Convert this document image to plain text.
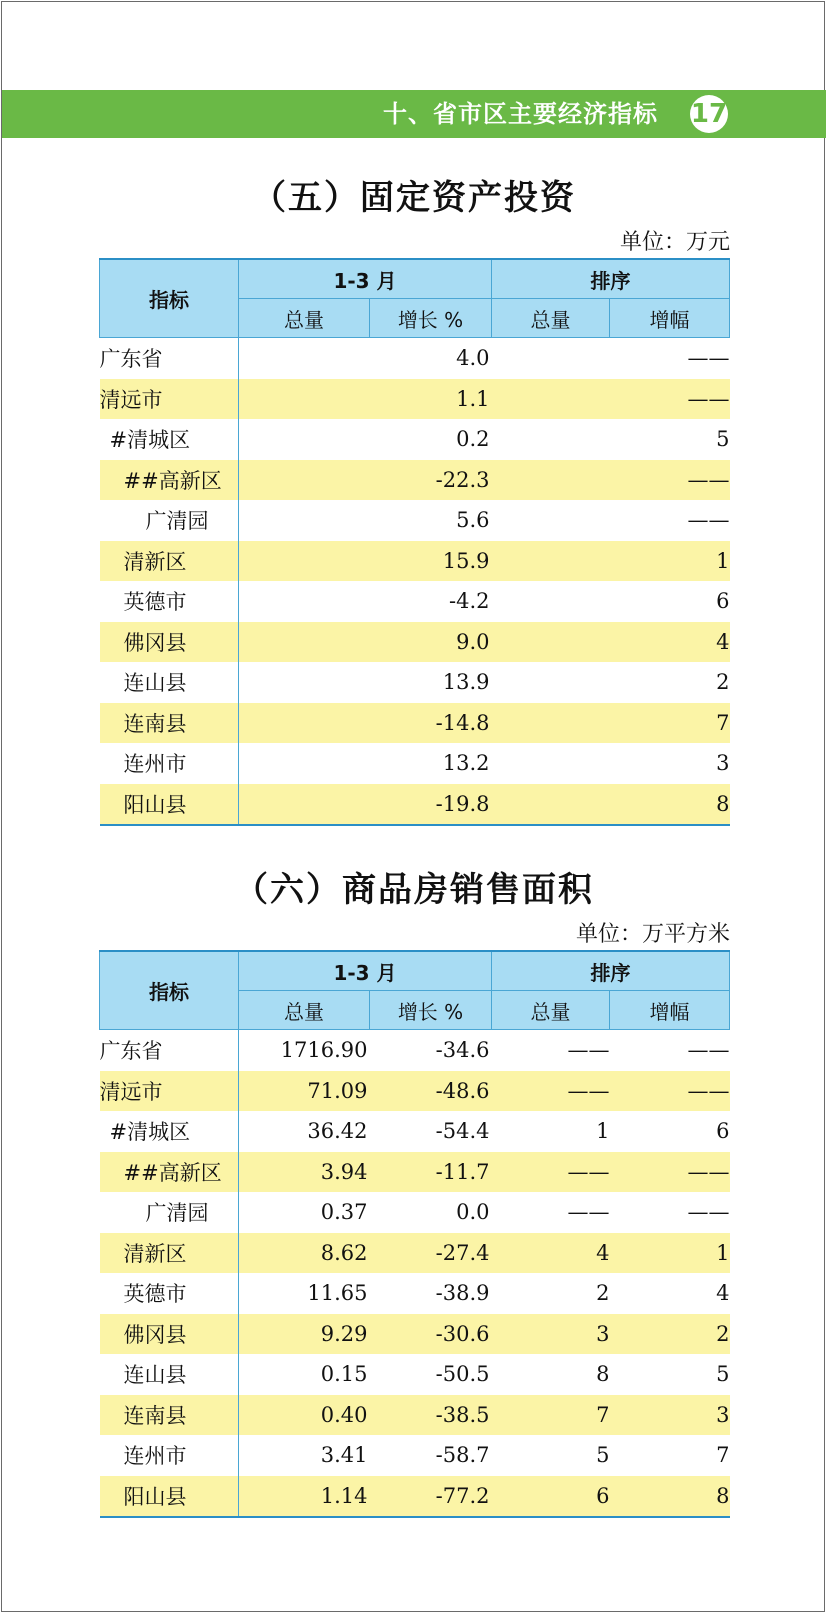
十、省市区主要经济指标 17
（五）固定资产投资
单位：万元
指标	1-3 月		排序	
	总量	增长 %	总量	增幅
广东省		4.0		——
清远市		1.1		——
#清城区		0.2		5
##高新区		-22.3		——
广清园		5.6		——
清新区		15.9		1
英德市		-4.2		6
佛冈县		9.0		4
连山县		13.9		2
连南县		-14.8		7
连州市		13.2		3
阳山县		-19.8		8
（六）商品房销售面积
单位：万平方米
指标	1-3 月		排序	
	总量	增长 %	总量	增幅
广东省	1716.90	-34.6	——	——
清远市	71.09	-48.6	——	——
#清城区	36.42	-54.4	1	6
##高新区	3.94	-11.7	——	——
广清园	0.37	0.0	——	——
清新区	8.62	-27.4	4	1
英德市	11.65	-38.9	2	4
佛冈县	9.29	-30.6	3	2
连山县	0.15	-50.5	8	5
连南县	0.40	-38.5	7	3
连州市	3.41	-58.7	5	7
阳山县	1.14	-77.2	6	8
